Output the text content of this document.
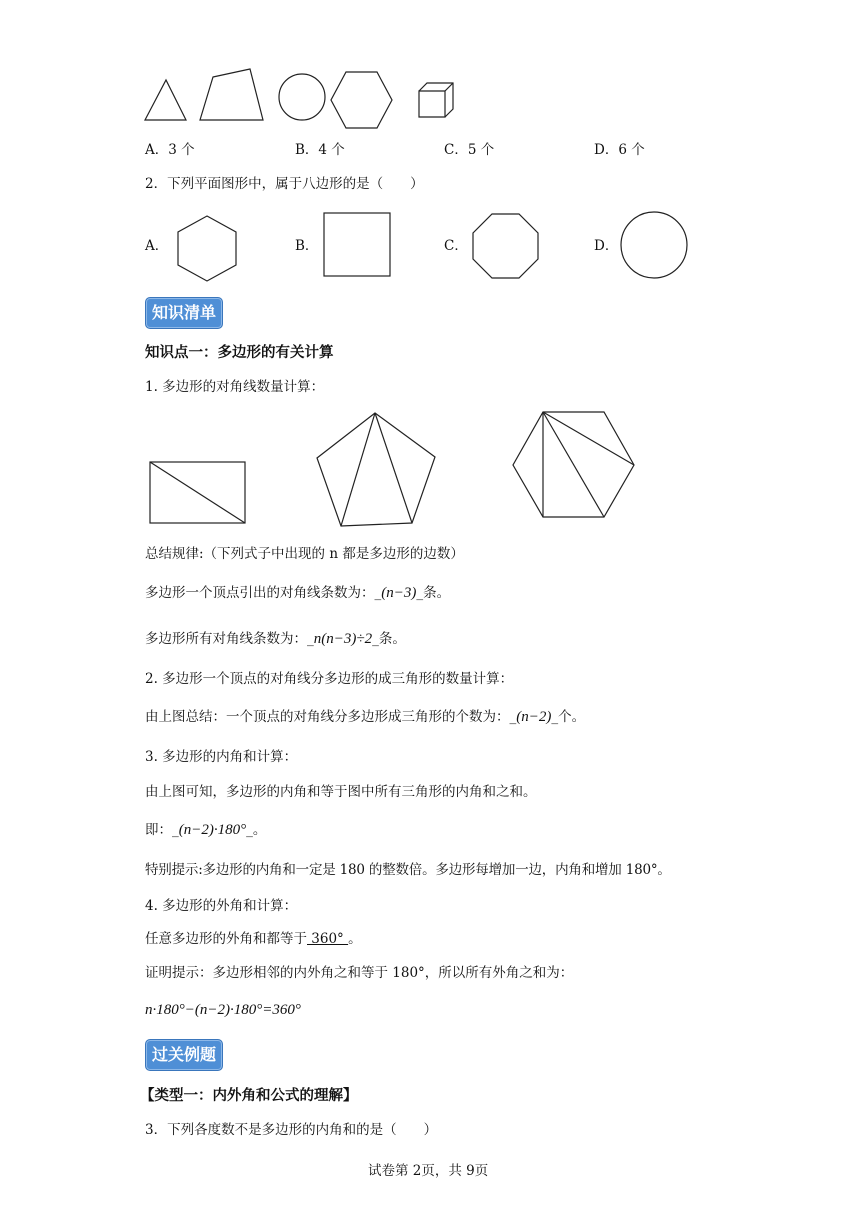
A．3 个	B．4 个	C．5 个	D．6 个
2．下列平面图形中，属于八边形的是（　　）
A．	B．	C．	D．
知识清单
知识点一：多边形的有关计算
1. 多边形的对角线数量计算：
总结规律:（下列式子中出现的 n 都是多边形的边数）
多边形一个顶点引出的对角线条数为：_(n−3)_条。
多边形所有对角线条数为：_n(n−3)÷2_条。
2. 多边形一个顶点的对角线分多边形的成三角形的数量计算：
由上图总结：一个顶点的对角线分多边形成三角形的个数为：_(n−2)_个。
3. 多边形的内角和计算：
由上图可知，多边形的内角和等于图中所有三角形的内角和之和。
即：_(n−2)·180°_。
特别提示:多边形的内角和一定是 180 的整数倍。多边形每增加一边，内角和增加 180°。
4. 多边形的外角和计算：
任意多边形的外角和都等于 360° 。
证明提示：多边形相邻的内外角之和等于 180°，所以所有外角之和为：
n·180°−(n−2)·180°=360°
过关例题
【类型一：内外角和公式的理解】
3．下列各度数不是多边形的内角和的是（　　）
试卷第 2页，共 9页
